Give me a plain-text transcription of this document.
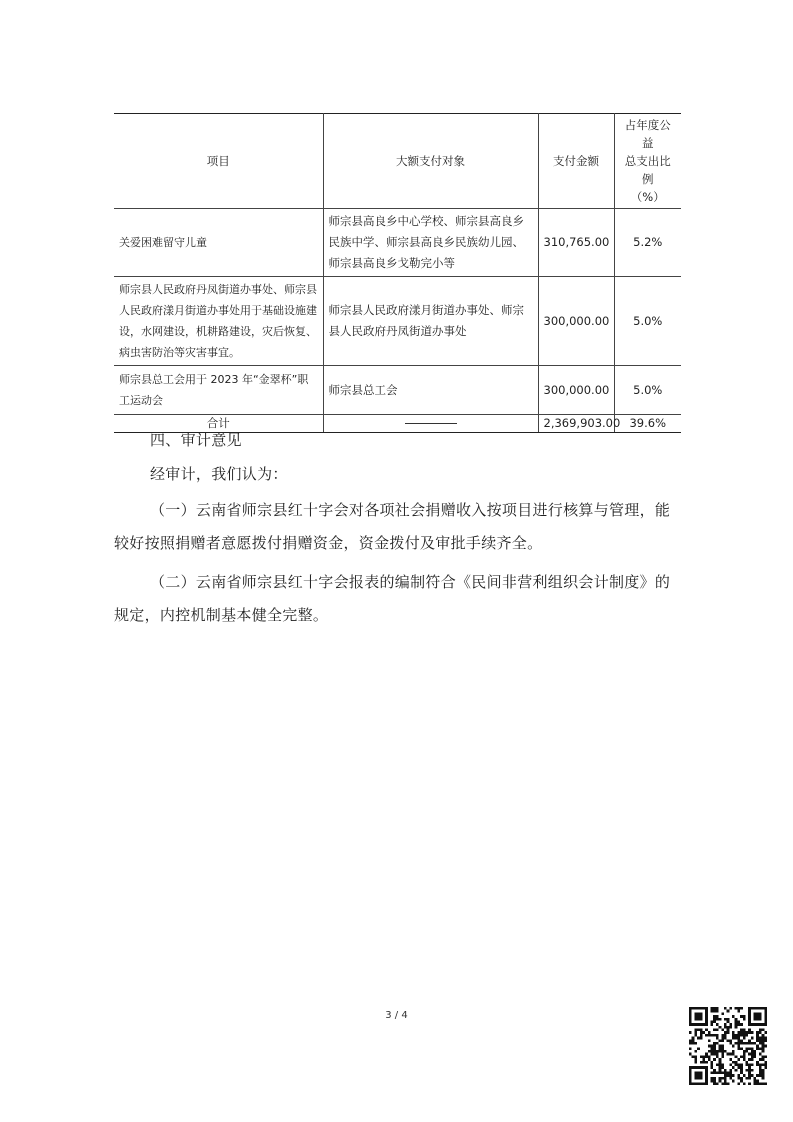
项目	大额支付对象	支付金额	占年度公益
总支出比例
（%）

关爱困难留守儿童	师宗县高良乡中心学校、师宗县高良乡民族中学、师宗县高良乡民族幼儿园、师宗县高良乡戈勒完小等	310,765.00	5.2%
师宗县人民政府丹凤街道办事处、师宗县人民政府漾月街道办事处用于基础设施建设，水网建设，机耕路建设，灾后恢复、病虫害防治等灾害事宜。	师宗县人民政府漾月街道办事处、师宗县人民政府丹凤街道办事处	300,000.00	5.0%
师宗县总工会用于 2023 年“金翠杯”职工运动会	师宗县总工会	300,000.00	5.0%
合计		2,369,903.00	39.6%
四、审计意见
经审计，我们认为：
（一）云南省师宗县红十字会对各项社会捐赠收入按项目进行核算与管理，能较好按照捐赠者意愿拨付捐赠资金，资金拨付及审批手续齐全。
（二）云南省师宗县红十字会报表的编制符合《民间非营利组织会计制度》的规定，内控机制基本健全完整。
3 / 4
